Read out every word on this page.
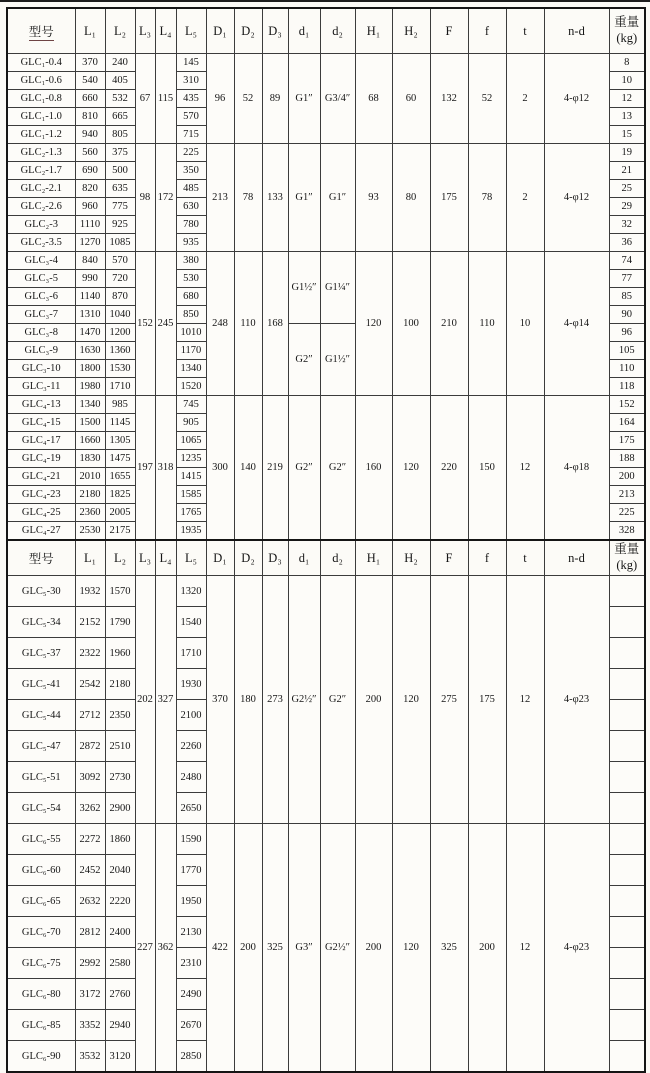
型号	L₁	L₂	L₃	L₄	L₅	D₁	D₂	D₃	d₁	d₂	H₁	H₂	F	f	t	n-d	重量
(kg)

GLC₁-0.4	370	240	67	115	145	96	52	89	G1″	G3/4″	68	60	132	52	2	4-φ12	8
GLC₁-0.6	540	405			310												10
GLC₁-0.8	660	532			435												12
GLC₁-1.0	810	665			570												13
GLC₁-1.2	940	805			715												15
GLC₂-1.3	560	375	98	172	225	213	78	133	G1″	G1″	93	80	175	78	2	4-φ12	19
GLC₂-1.7	690	500			350												21
GLC₂-2.1	820	635			485												25
GLC₂-2.6	960	775			630												29
GLC₂-3	1110	925			780												32
GLC₂-3.5	1270	1085			935												36
GLC₃-4	840	570	152	245	380	248	110	168	G1½″	G1¼″	120	100	210	110	10	4-φ14	74
GLC₃-5	990	720			530												77
GLC₃-6	1140	870			680												85
GLC₃-7	1310	1040			850												90
GLC₃-8	1470	1200			1010				G2″	G1½″							96
GLC₃-9	1630	1360			1170												105
GLC₃-10	1800	1530			1340												110
GLC₃-11	1980	1710			1520												118
GLC₄-13	1340	985	197	318	745	300	140	219	G2″	G2″	160	120	220	150	12	4-φ18	152
GLC₄-15	1500	1145			905												164
GLC₄-17	1660	1305			1065												175
GLC₄-19	1830	1475			1235												188
GLC₄-21	2010	1655			1415												200
GLC₄-23	2180	1825			1585												213
GLC₄-25	2360	2005			1765												225
GLC₄-27	2530	2175			1935												328
型号	L₁	L₂	L₃	L₄	L₅	D₁	D₂	D₃	d₁	d₂	H₁	H₂	F	f	t	n-d	重量
(kg)

GLC₅-30	1932	1570	202	327	1320	370	180	273	G2½″	G2″	200	120	275	175	12	4-φ23	
GLC₅-34	2152	1790			1540												
GLC₅-37	2322	1960			1710												
GLC₅-41	2542	2180			1930												
GLC₅-44	2712	2350			2100												
GLC₅-47	2872	2510			2260												
GLC₅-51	3092	2730			2480												
GLC₅-54	3262	2900			2650												
GLC₆-55	2272	1860	227	362	1590	422	200	325	G3″	G2½″	200	120	325	200	12	4-φ23	
GLC₆-60	2452	2040			1770												
GLC₆-65	2632	2220			1950												
GLC₆-70	2812	2400			2130												
GLC₆-75	2992	2580			2310												
GLC₆-80	3172	2760			2490												
GLC₆-85	3352	2940			2670												
GLC₆-90	3532	3120			2850												
